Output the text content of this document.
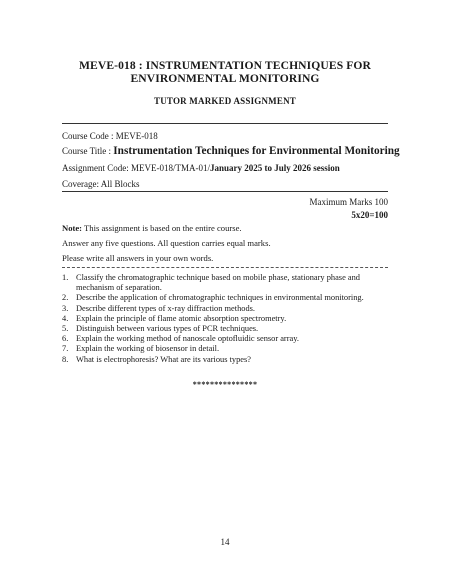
MEVE-018 : INSTRUMENTATION TECHNIQUES FOR
ENVIRONMENTAL MONITORING
TUTOR MARKED ASSIGNMENT
Course Code : MEVE-018
Course Title : Instrumentation Techniques for Environmental Monitoring
Assignment Code: MEVE-018/TMA-01/January 2025 to July 2026 session
Coverage: All Blocks
Maximum Marks 100
5x20=100
Note: This assignment is based on the entire course.
Answer any five questions. All question carries equal marks.
Please write all answers in your own words.
1. Classify the chromatographic technique based on mobile phase, stationary phase and
mechanism of separation.
2. Describe the application of chromatographic techniques in environmental monitoring.
3. Describe different types of x-ray diffraction methods.
4. Explain the principle of flame atomic absorption spectrometry.
5. Distinguish between various types of PCR techniques.
6. Explain the working method of nanoscale optofluidic sensor array.
7. Explain the working of biosensor in detail.
8. What is electrophoresis? What are its various types?
***************
14
